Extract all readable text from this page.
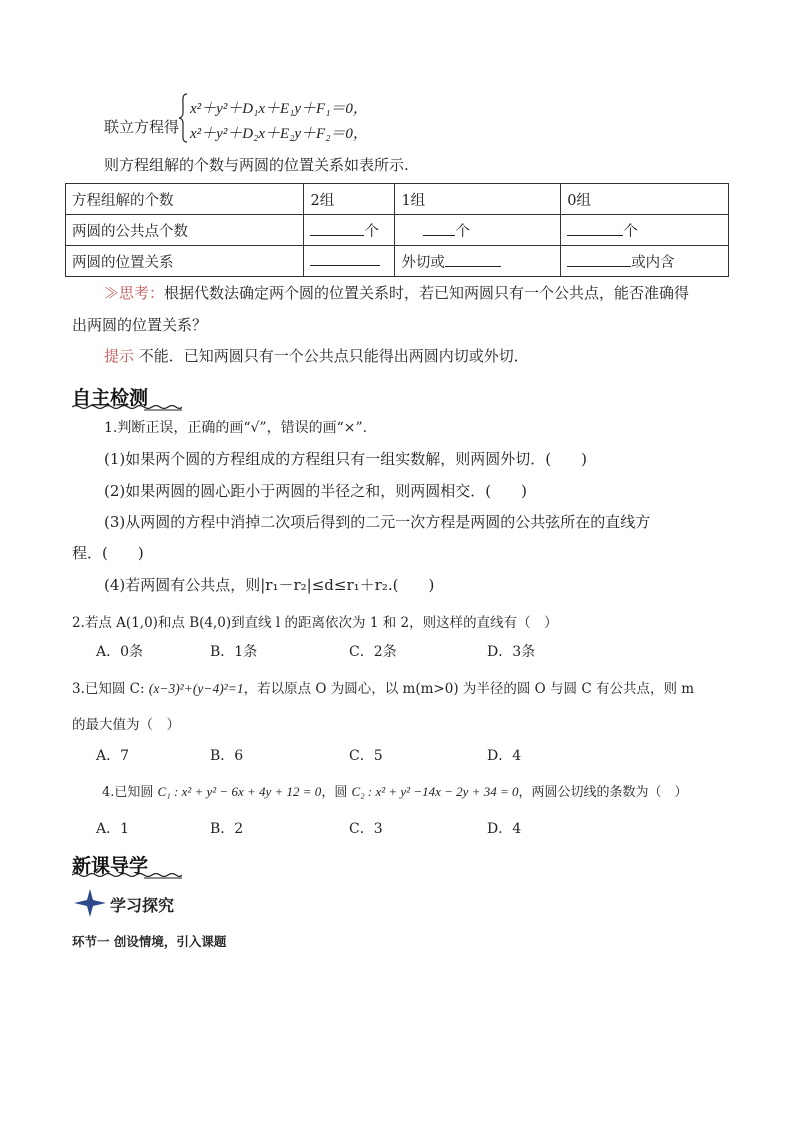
联立方程得
x²＋y²＋D₁x＋E₁y＋F₁＝0，
x²＋y²＋D₂x＋E₂y＋F₂＝0，
则方程组解的个数与两圆的位置关系如表所示.
方程组解的个数	2组	1组	0组
两圆的公共点个数	个	个	个
两圆的位置关系		外切或	或内含
≫思考：根据代数法确定两个圆的位置关系时，若已知两圆只有一个公共点，能否准确得
出两圆的位置关系？
提示 不能．已知两圆只有一个公共点只能得出两圆内切或外切．
自主检测
1.判断正误，正确的画“√”，错误的画“×”.
(1)如果两个圆的方程组成的方程组只有一组实数解，则两圆外切．(　　)
(2)如果两圆的圆心距小于两圆的半径之和，则两圆相交．(　　)
(3)从两圆的方程中消掉二次项后得到的二元一次方程是两圆的公共弦所在的直线方
程．(　　)
(4)若两圆有公共点，则|r₁－r₂|≤d≤r₁＋r₂.(　　)
2.若点 A(1,0)和点 B(4,0)到直线 l 的距离依次为 1 和 2，则这样的直线有（　）
A．0条	B．1条	C．2条	D．3条
3.已知圆 C: (x−3)²+(y−4)²=1，若以原点 O 为圆心，以 m(m>0) 为半径的圆 O 与圆 C 有公共点，则 m
的最大值为（　）
A．7	B．6	C．5	D．4
4.已知圆 C₁ : x² + y² − 6x + 4y + 12 = 0，圆 C₂ : x² + y² −14x − 2y + 34 = 0，两圆公切线的条数为（　）
A．1	B．2	C．3	D．4
新课导学
学习探究
环节一 创设情境，引入课题
